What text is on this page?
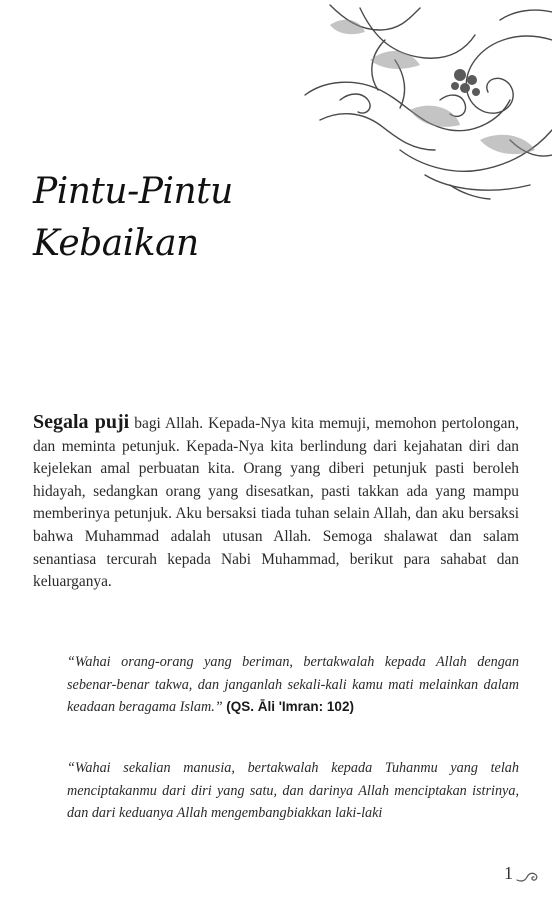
Pintu-Pintu
Kebaikan

Segala puji bagi Allah. Kepada-Nya kita memuji, memohon pertolongan, dan meminta petunjuk. Kepada-Nya kita berlindung dari kejahatan diri dan kejelekan amal perbuatan kita. Orang yang diberi petunjuk pasti beroleh hidayah, sedangkan orang yang disesatkan, pasti takkan ada yang mampu memberinya petunjuk. Aku bersaksi tiada tuhan selain Allah, dan aku bersaksi bahwa Muhammad adalah utusan Allah. Semoga shalawat dan salam senantiasa tercurah kepada Nabi Muhammad, berikut para sahabat dan keluarganya.

“Wahai orang-orang yang beriman, bertakwalah kepada Allah dengan sebenar-benar takwa, dan janganlah sekali-kali kamu mati melainkan dalam keadaan beragama Islam.” (QS. Āli 'Imran: 102)

“Wahai sekalian manusia, bertakwalah kepada Tuhanmu yang telah menciptakanmu dari diri yang satu, dan darinya Allah menciptakan istrinya, dan dari keduanya Allah mengembangbiakkan laki-laki

1
